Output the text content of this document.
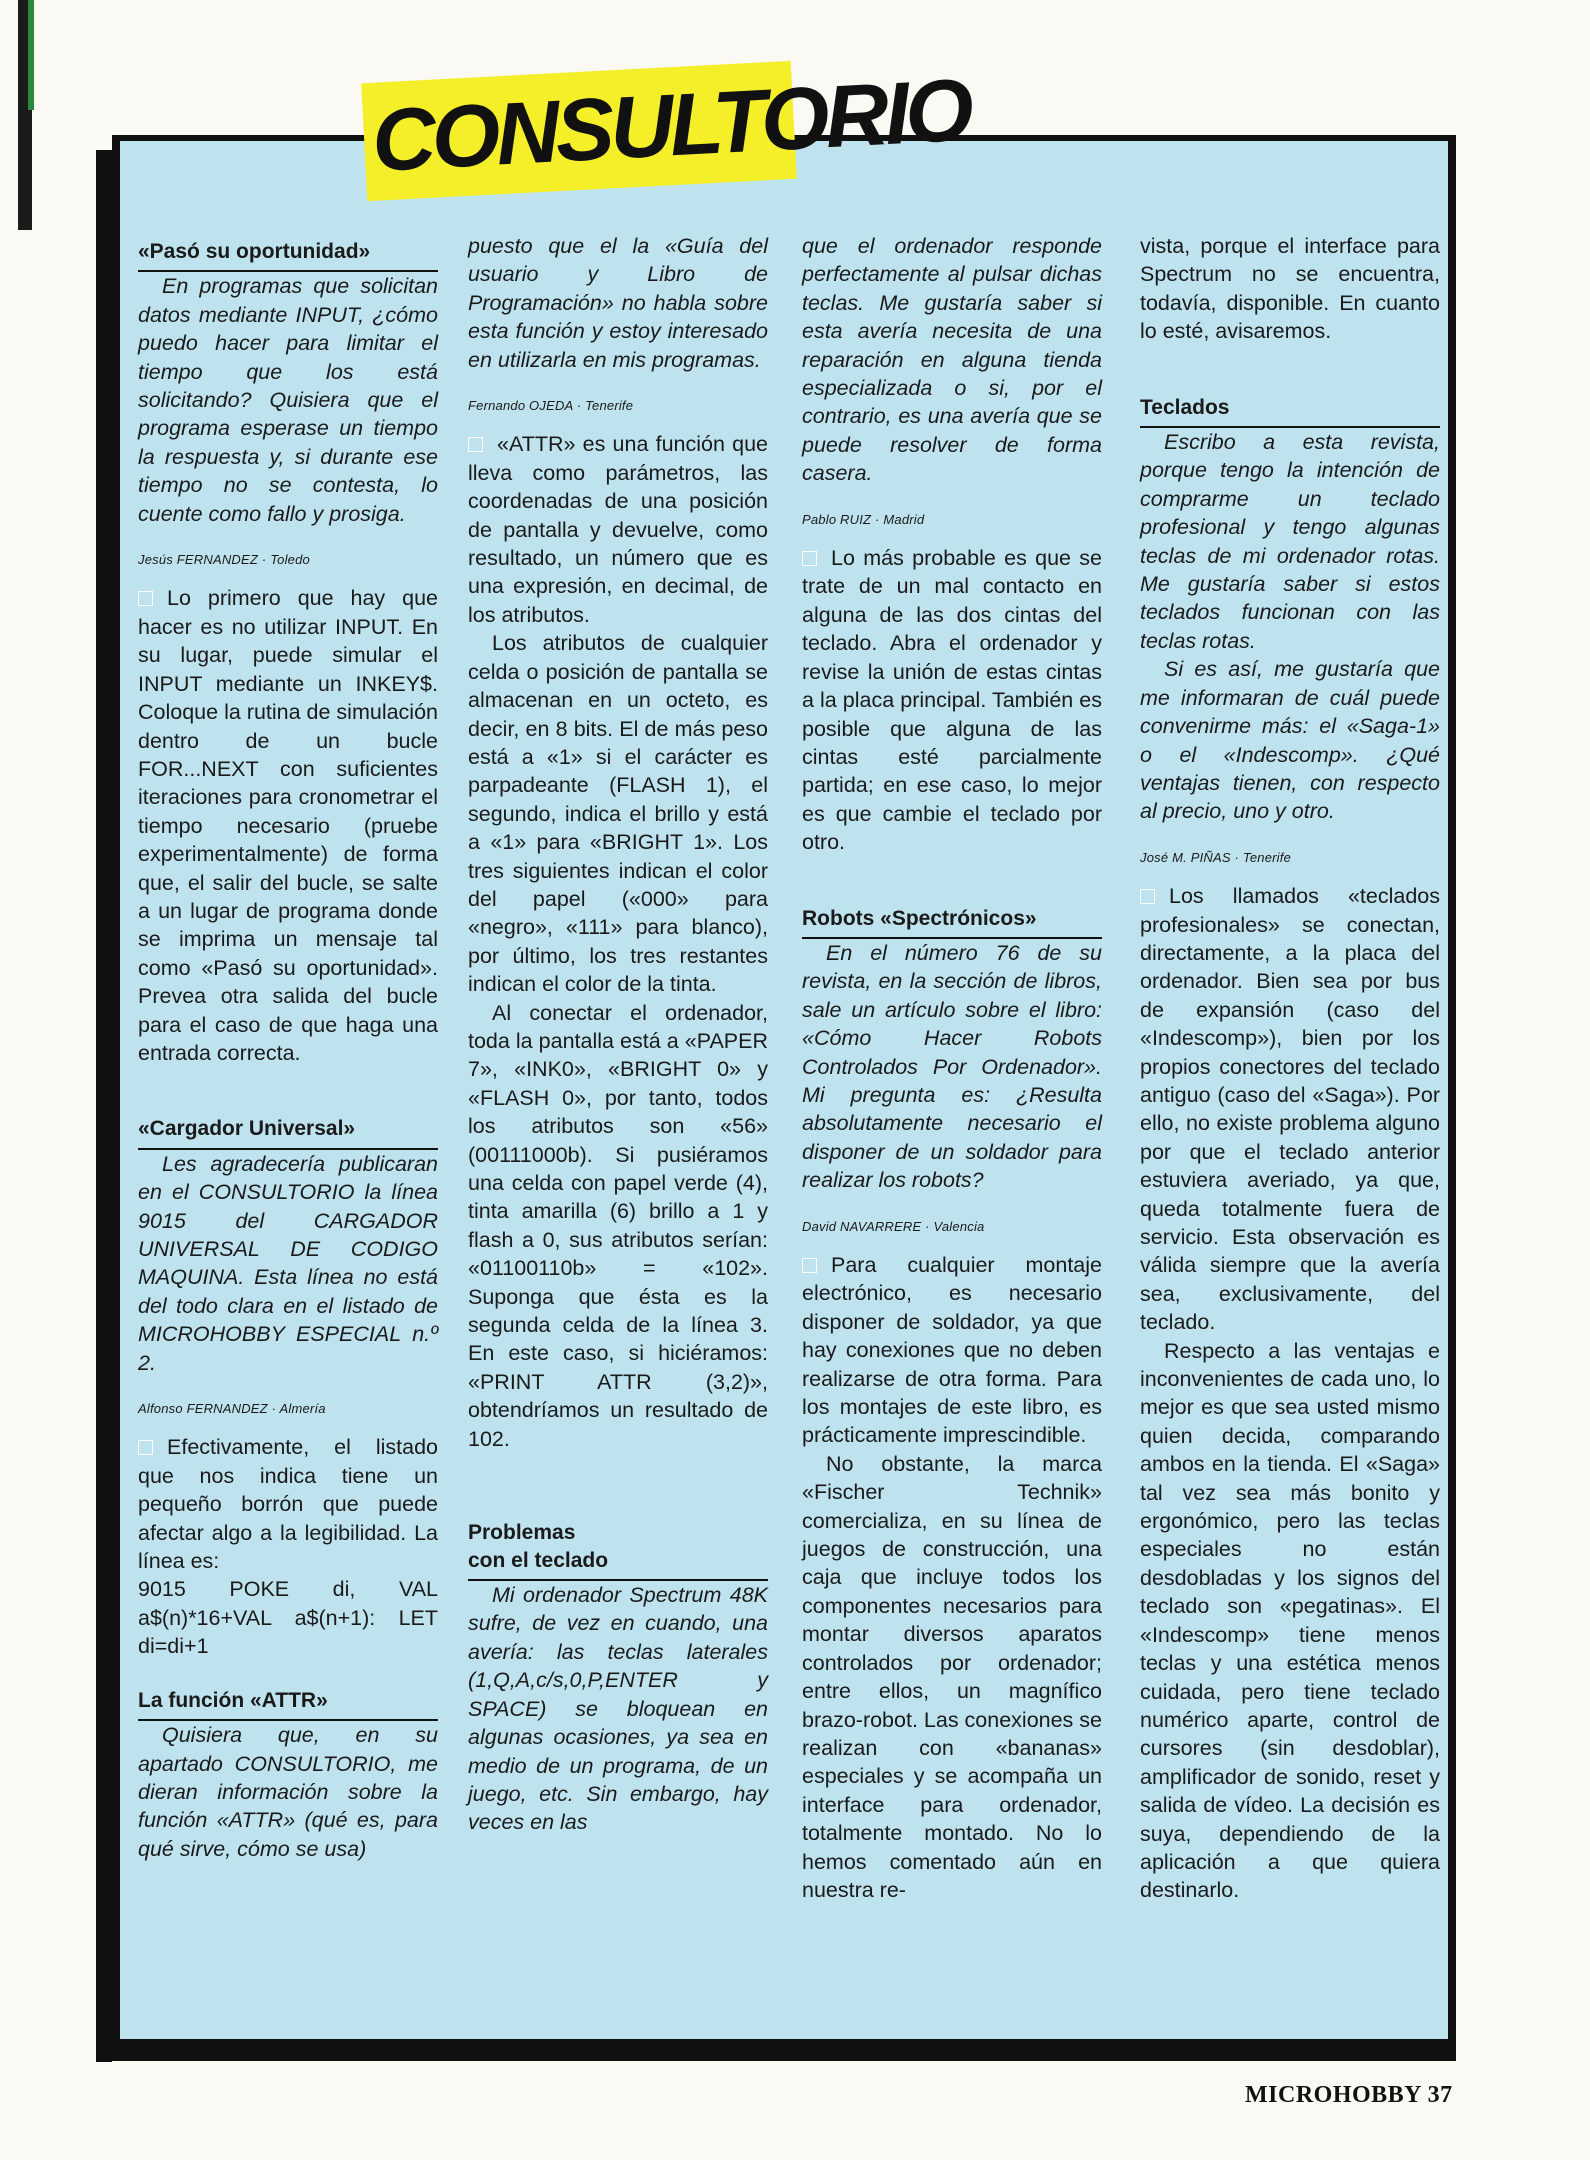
CONSULTORIO

«Pasó su oportunidad»

En programas que solicitan datos mediante INPUT, ¿cómo puedo hacer para limitar el tiempo que los está solicitando? Quisiera que el programa esperase un tiempo la respuesta y, si durante ese tiempo no se contesta, lo cuente como fallo y prosiga.

Jesús FERNANDEZ · Toledo

Lo primero que hay que hacer es no utilizar INPUT. En su lugar, puede simular el INPUT mediante un INKEY$. Coloque la rutina de simulación dentro de un bucle FOR...NEXT con suficientes iteraciones para cronometrar el tiempo necesario (pruebe experimentalmente) de forma que, el salir del bucle, se salte a un lugar de programa donde se imprima un mensaje tal como «Pasó su oportunidad». Prevea otra salida del bucle para el caso de que haga una entrada correcta.

«Cargador Universal»

Les agradecería publicaran en el CONSULTORIO la línea 9015 del CARGADOR UNIVERSAL DE CODIGO MAQUINA. Esta línea no está del todo clara en el listado de MICROHOBBY ESPECIAL n.º 2.

Alfonso FERNANDEZ · Almería

Efectivamente, el listado que nos indica tiene un pequeño borrón que puede afectar algo a la legibilidad. La línea es:

9015 POKE di, VAL a$(n)*16+VAL a$(n+1): LET di=di+1

La función «ATTR»

Quisiera que, en su apartado CONSULTORIO, me dieran información sobre la función «ATTR» (qué es, para qué sirve, cómo se usa)

puesto que el la «Guía del usuario y Libro de Programación» no habla sobre esta función y estoy interesado en utilizarla en mis programas.

Fernando OJEDA · Tenerife

«ATTR» es una función que lleva como parámetros, las coordenadas de una posición de pantalla y devuelve, como resultado, un número que es una expresión, en decimal, de los atributos.

Los atributos de cualquier celda o posición de pantalla se almacenan en un octeto, es decir, en 8 bits. El de más peso está a «1» si el carácter es parpadeante (FLASH 1), el segundo, indica el brillo y está a «1» para «BRIGHT 1». Los tres siguientes indican el color del papel («000» para «negro», «111» para blanco), por último, los tres restantes indican el color de la tinta.

Al conectar el ordenador, toda la pantalla está a «PAPER 7», «INK0», «BRIGHT 0» y «FLASH 0», por tanto, todos los atributos son «56» (00111000b). Si pusiéramos una celda con papel verde (4), tinta amarilla (6) brillo a 1 y flash a 0, sus atributos serían: «01100110b» = «102». Supongа que ésta es la segunda celda de la línea 3. En este caso, si hiciéramos: «PRINT ATTR (3,2)», obtendríamos un resultado de 102.

Problemas
con el teclado

Mi ordenador Spectrum 48K sufre, de vez en cuando, una avería: las teclas laterales (1,Q,A,c/s,0,P,ENTER y SPACE) se bloquean en algunas ocasiones, ya sea en medio de un programa, de un juego, etc. Sin embargo, hay veces en las

que el ordenador responde perfectamente al pulsar dichas teclas. Me gustaría saber si esta avería necesita de una reparación en alguna tienda especializada o si, por el contrario, es una avería que se puede resolver de forma casera.

Pablo RUIZ · Madrid

Lo más probable es que se trate de un mal contacto en alguna de las dos cintas del teclado. Abra el ordenador y revise la unión de estas cintas a la placa principal. También es posible que alguna de las cintas esté parcialmente partida; en ese caso, lo mejor es que cambie el teclado por otro.

Robots «Spectrónicos»

En el número 76 de su revista, en la sección de libros, sale un artículo sobre el libro: «Cómo Hacer Robots Controlados Por Ordenador». Mi pregunta es: ¿Resulta absolutamente necesario el disponer de un soldador para realizar los robots?

David NAVARRERE · Valencia

Para cualquier montaje electrónico, es necesario disponer de soldador, ya que hay conexiones que no deben realizarse de otra forma. Para los montajes de este libro, es prácticamente imprescindible.

No obstante, la marca «Fischer Technik» comercializa, en su línea de juegos de construcción, una caja que incluye todos los componentes necesarios para montar diversos aparatos controlados por ordenador; entre ellos, un magnífico brazo-robot. Las conexiones se realizan con «bananas» especiales y se acompaña un interface para ordenador, totalmente montado. No lo hemos comentado aún en nuestra re-

vista, porque el interface para Spectrum no se encuentra, todavía, disponible. En cuanto lo esté, avisaremos.

Teclados

Escribo a esta revista, porque tengo la intención de comprarme un teclado profesional y tengo algunas teclas de mi ordenador rotas. Me gustaría saber si estos teclados funcionan con las teclas rotas.

Si es así, me gustaría que me informaran de cuál puede convenirme más: el «Saga-1» o el «Indescomp». ¿Qué ventajas tienen, con respecto al precio, uno y otro.

José M. PIÑAS · Tenerife

Los llamados «teclados profesionales» se conectan, directamente, a la placa del ordenador. Bien sea por bus de expansión (caso del «Indescomp»), bien por los propios conectores del teclado antiguo (caso del «Saga»). Por ello, no existe problema alguno por que el teclado anterior estuviera averiado, ya que, queda totalmente fuera de servicio. Esta observación es válida siempre que la avería sea, exclusivamente, del teclado.

Respecto a las ventajas e inconvenientes de cada uno, lo mejor es que sea usted mismo quien decida, comparando ambos en la tienda. El «Saga» tal vez sea más bonito y ergonómico, pero las teclas especiales no están desdobladas y los signos del teclado son «pegatinas». El «Indescomp» tiene menos teclas y una estética menos cuidada, pero tiene teclado numérico aparte, control de cursores (sin desdoblar), amplificador de sonido, reset y salida de vídeo. La decisión es suya, dependiendo de la aplicación a que quiera destinarlo.

MICROHOBBY 37
